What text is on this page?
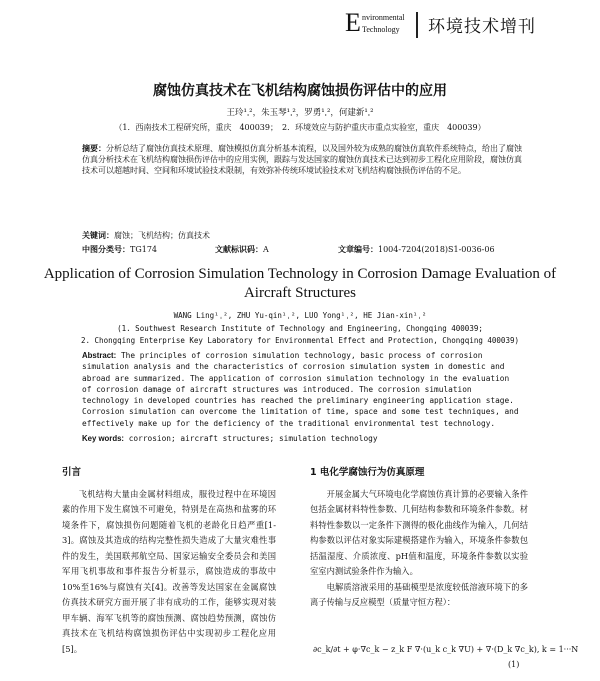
E nvironmental
Technology 环境技术增刊
腐蚀仿真技术在飞机结构腐蚀损伤评估中的应用
王玲¹ˌ²，朱玉琴¹ˌ²，罗勇¹ˌ²，何建新¹ˌ²
（1．西南技术工程研究所，重庆　400039；　2．环境效应与防护重庆市重点实验室，重庆　400039）
摘要：分析总结了腐蚀仿真技术原理、腐蚀模拟仿真分析基本流程，以及国外较为成熟的腐蚀仿真软件系统特点，给出了腐蚀仿真分析技术在飞机结构腐蚀损伤评估中的应用实例，跟踪与发达国家的腐蚀仿真技术已达到初步工程化应用阶段，腐蚀仿真技术可以超越时间、空间和环境试验技术限制，有效弥补传统环境试验技术对飞机结构腐蚀损伤评估的不足。
关键词：腐蚀；飞机结构；仿真技术
中图分类号：TG174	文献标识码：A	文章编号：1004-7204(2018)S1-0036-06
Application of Corrosion Simulation Technology in Corrosion Damage Evaluation of Aircraft Structures
WANG Ling¹ˌ², ZHU Yu-qin¹ˌ², LUO Yong¹ˌ², HE Jian-xin¹ˌ²
(1. Southwest Research Institute of Technology and Engineering, Chongqing 400039;
2. Chongqing Enterprise Key Laboratory for Environmental Effect and Protection, Chongqing 400039)
Abstract: The principles of corrosion simulation technology, basic process of corrosion simulation analysis and the characteristics of corrosion simulation system in domestic and abroad are summarized. The application of corrosion simulation technology in the evaluation of corrosion damage of aircraft structures was introduced. The corrosion simulation technology in developed countries has reached the preliminary engineering application stage. Corrosion simulation can overcome the limitation of time, space and some test techniques, and effectively make up for the deficiency of the traditional environmental test technology.
Key words: corrosion; aircraft structures; simulation technology
引言

飞机结构大量由金属材料组成，服役过程中在环境因素的作用下发生腐蚀不可避免，特别是在高热和盐雾的环境条件下，腐蚀损伤问题随着飞机的老龄化日趋严重[1-3]。腐蚀及其造成的结构完整性损失造成了大量灾难性事件的发生，美国联邦航空局、国家运输安全委员会和美国军用飞机事故和事件报告分析显示，腐蚀造成的事故中10%至16%与腐蚀有关[4]。改善等发达国家在金属腐蚀仿真技术研究方面开展了非有成功的工作，能够实现对装甲车辆、海军飞机等的腐蚀预测、腐蚀趋势预测，腐蚀仿真技术在飞机结构腐蚀损伤评估中实现初步工程化应用[5]。

1 电化学腐蚀行为仿真原理

开展金属大气环境电化学腐蚀仿真计算的必要输入条件包括金属材料特性参数、几何结构参数和环境条件参数。材料特性参数以一定条件下测得的极化曲线作为输入，几何结构参数以评估对象实际建模搭建作为输入，环境条件参数包括温湿度、介质浓度、pH值和温度，环境条件参数以实验室室内测试验条件作为输入。

电解质溶液采用的基础模型是浓度较低溶液环境下的多离子传输与反应模型（质量守恒方程）：

∂c_k/∂t + φ·∇c_k − z_k F ∇·(u_k c_k ∇U) + ∇·(D_k ∇c_k), k = 1···N
(1)
